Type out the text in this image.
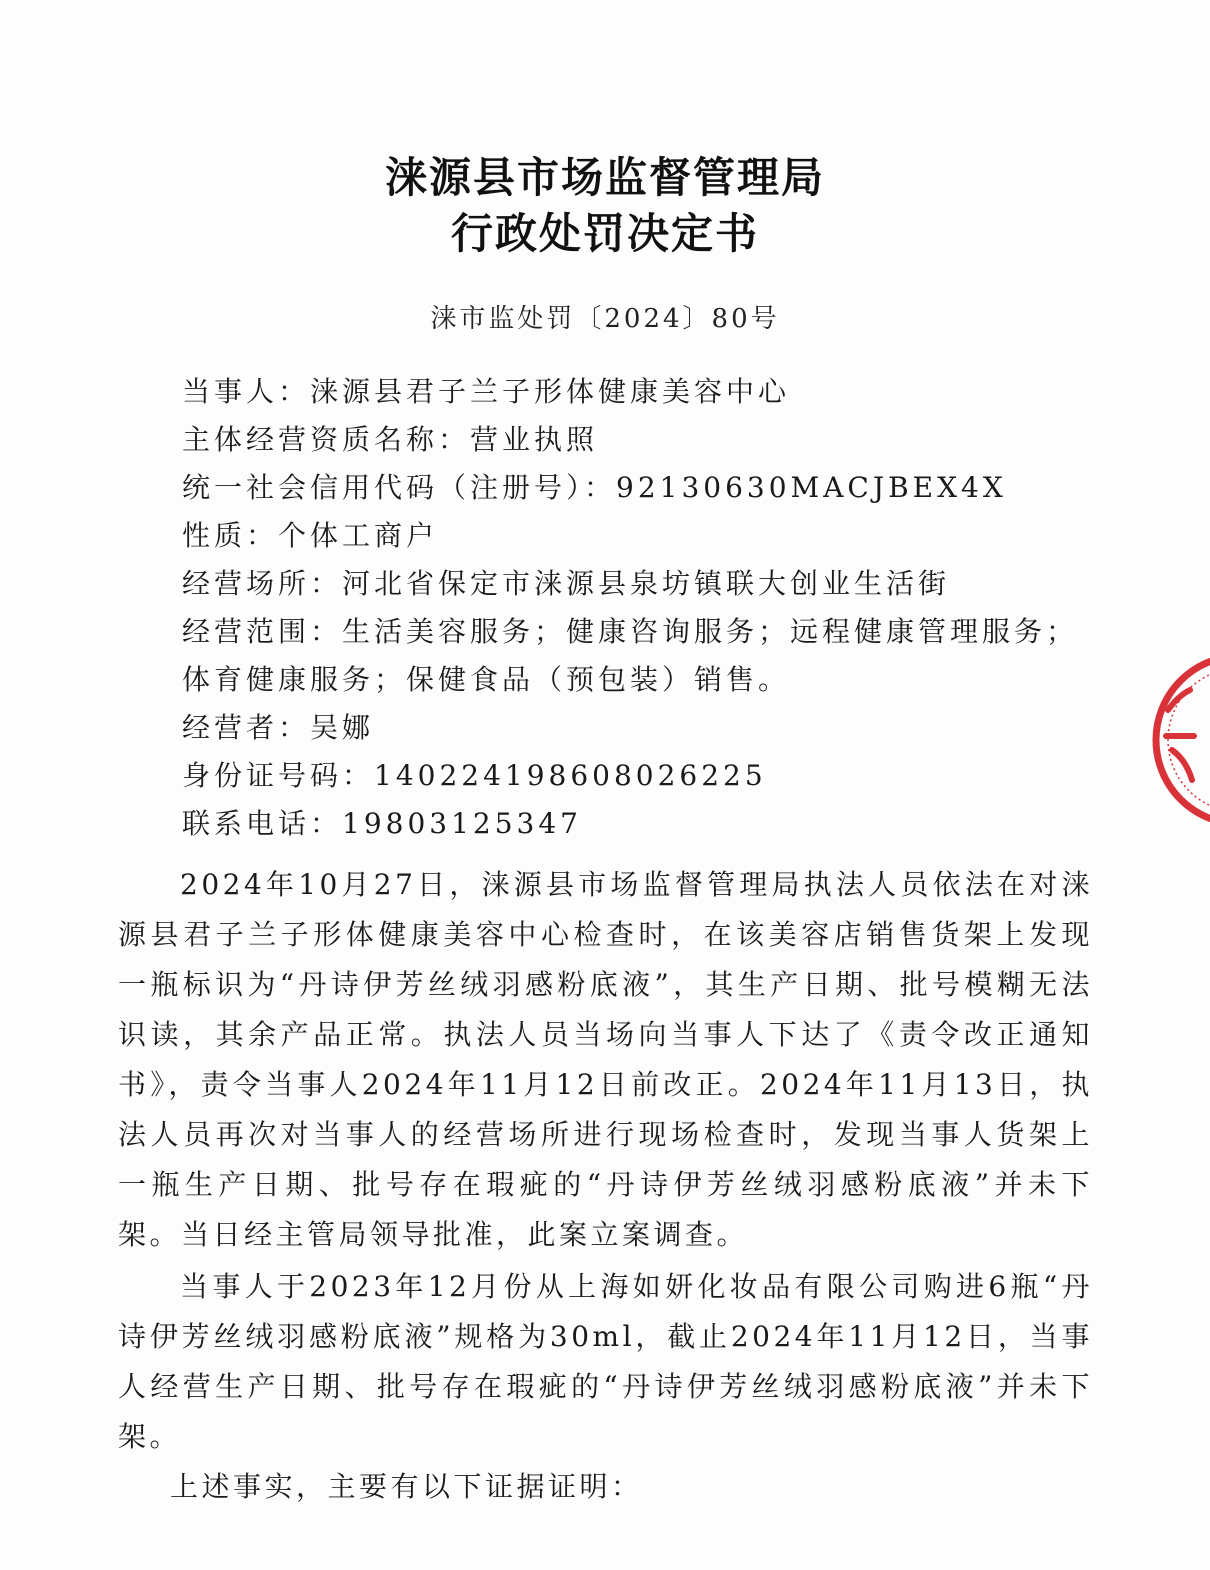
涞源县市场监督管理局
行政处罚决定书
涞市监处罚〔2024〕80号
当事人：涞源县君子兰子形体健康美容中心
主体经营资质名称：营业执照
统一社会信用代码（注册号）：92130630MACJBEX4X
性质：个体工商户
经营场所：河北省保定市涞源县泉坊镇联大创业生活街
经营范围：生活美容服务；健康咨询服务；远程健康管理服务；
体育健康服务；保健食品（预包装）销售。
经营者：吴娜
身份证号码：140224198608026225
联系电话：19803125347

2024年10月27日，涞源县市场监督管理局执法人员依法在对涞源县君子兰子形体健康美容中心检查时，在该美容店销售货架上发现一瓶标识为“丹诗伊芳丝绒羽感粉底液”，其生产日期、批号模糊无法识读，其余产品正常。执法人员当场向当事人下达了《责令改正通知书》，责令当事人2024年11月12日前改正。2024年11月13日，执法人员再次对当事人的经营场所进行现场检查时，发现当事人货架上一瓶生产日期、批号存在瑕疵的“丹诗伊芳丝绒羽感粉底液”并未下架。当日经主管局领导批准，此案立案调查。

当事人于2023年12月份从上海如妍化妆品有限公司购进6瓶“丹诗伊芳丝绒羽感粉底液”规格为30ml，截止2024年11月12日，当事人经营生产日期、批号存在瑕疵的“丹诗伊芳丝绒羽感粉底液”并未下架。

上述事实，主要有以下证据证明：
